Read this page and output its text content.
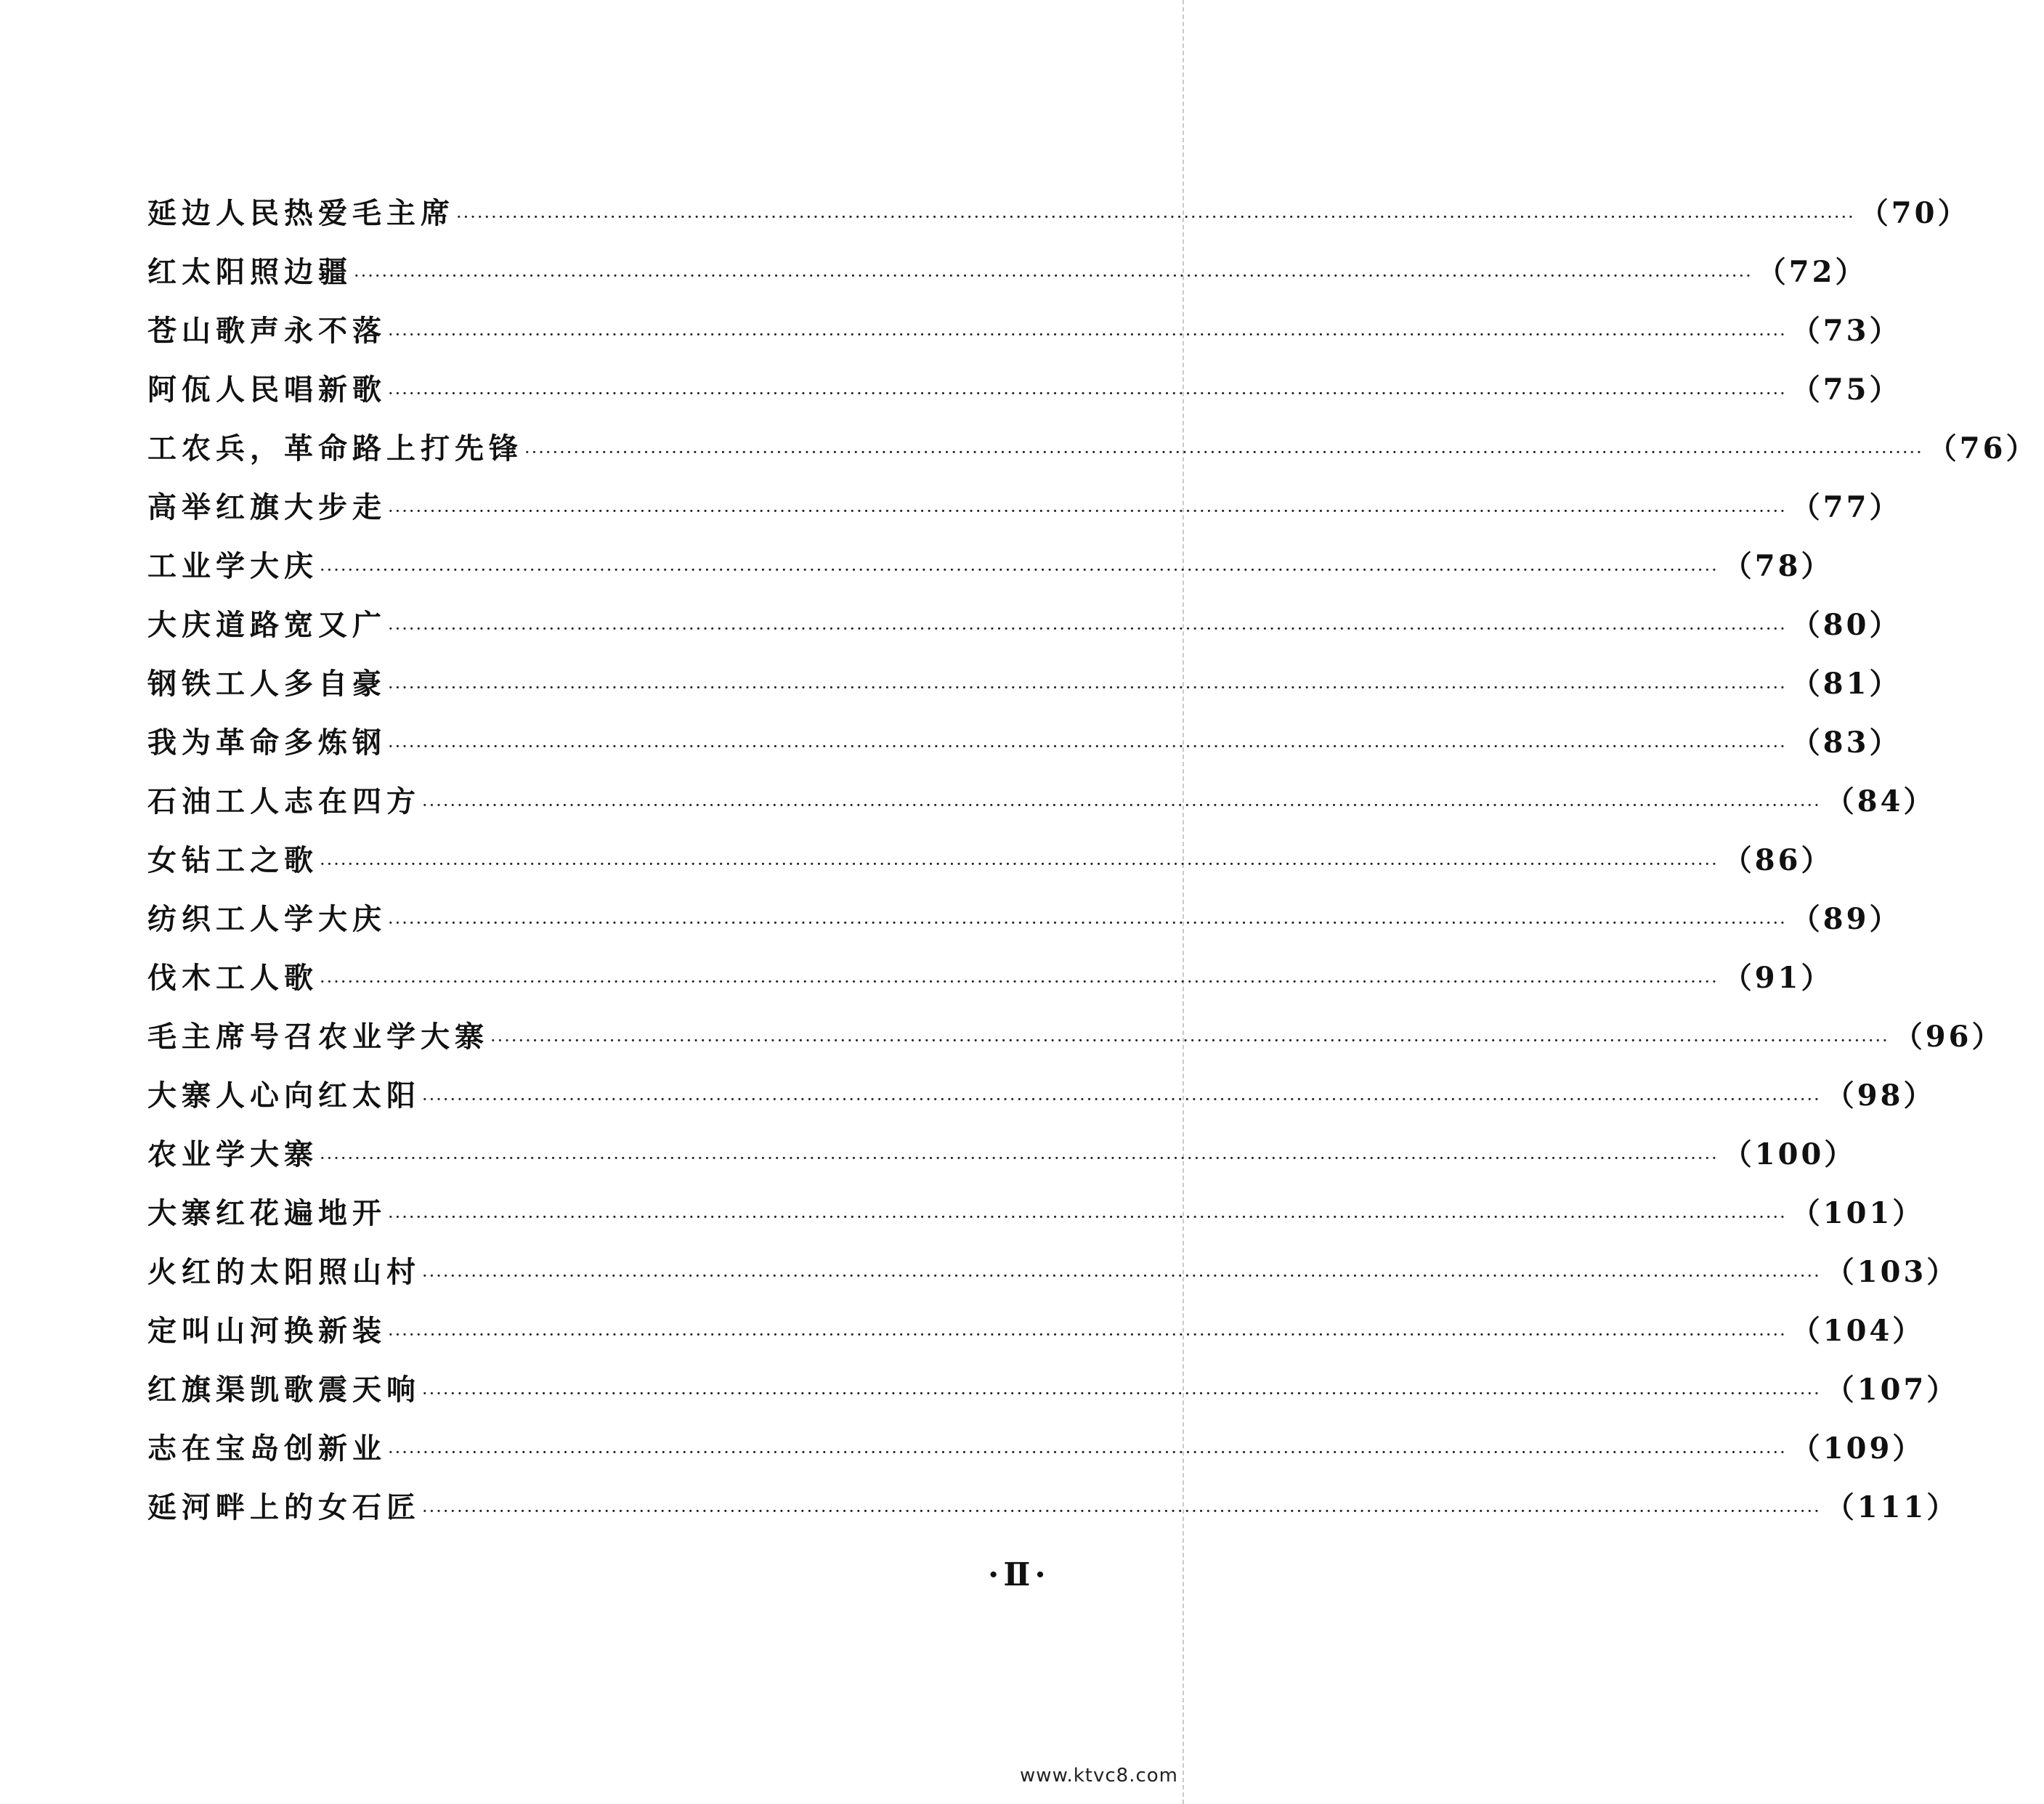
延边人民热爱毛主席 ········································································································································································································ （70）
红太阳照边疆 ········································································································································································································ （72）
苍山歌声永不落 ········································································································································································································ （73）
阿佤人民唱新歌 ········································································································································································································ （75）
工农兵，革命路上打先锋 ········································································································································································································ （76）
高举红旗大步走 ········································································································································································································ （77）
工业学大庆 ········································································································································································································ （78）
大庆道路宽又广 ········································································································································································································ （80）
钢铁工人多自豪 ········································································································································································································ （81）
我为革命多炼钢 ········································································································································································································ （83）
石油工人志在四方 ········································································································································································································ （84）
女钻工之歌 ········································································································································································································ （86）
纺织工人学大庆 ········································································································································································································ （89）
伐木工人歌 ········································································································································································································ （91）
毛主席号召农业学大寨 ········································································································································································································ （96）
大寨人心向红太阳 ········································································································································································································ （98）
农业学大寨 ········································································································································································································ （100）
大寨红花遍地开 ········································································································································································································ （101）
火红的太阳照山村 ········································································································································································································ （103）
定叫山河换新装 ········································································································································································································ （104）
红旗渠凯歌震天响 ········································································································································································································ （107）
志在宝岛创新业 ········································································································································································································ （109）
延河畔上的女石匠 ········································································································································································································ （111）
·Ⅱ·
www.ktvc8.com
